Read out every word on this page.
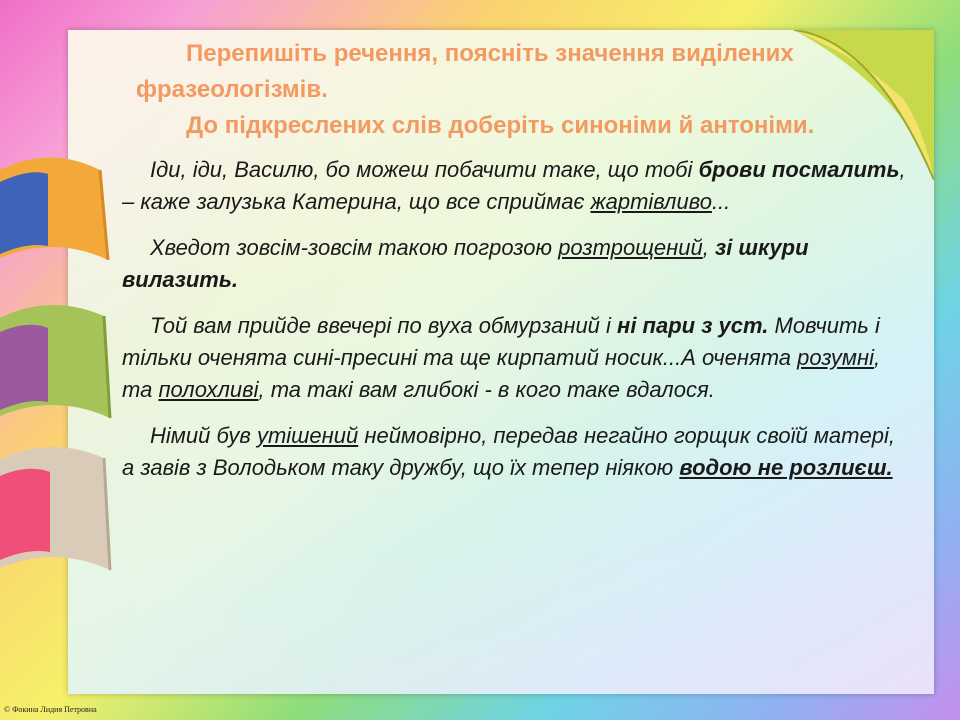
Перепишіть речення, поясніть значення виділених фразеологізмів.

До підкреслених слів доберіть синоніми й антоніми.

Іди, іди, Василю, бо можеш побачити таке, що тобі брови посмалить, – каже залузька Катерина, що все сприймає жартівливо...

Хведот зовсім-зовсім такою погрозою розтрощений, зі шкури вилазить.

Той вам прийде ввечері по вуха обмурзаний і ні пари з уст. Мовчить і тільки оченята сині-пресині та ще кирпатий носик...А оченята розумні, та полохливі, та такі вам глибокі - в кого таке вдалося.

Німий був утішений неймовірно, передав негайно горщик своїй матері, а завів з Володьком таку дружбу, що їх тепер ніякою водою не розлиєш.

© Фокина Лидия Петровна
